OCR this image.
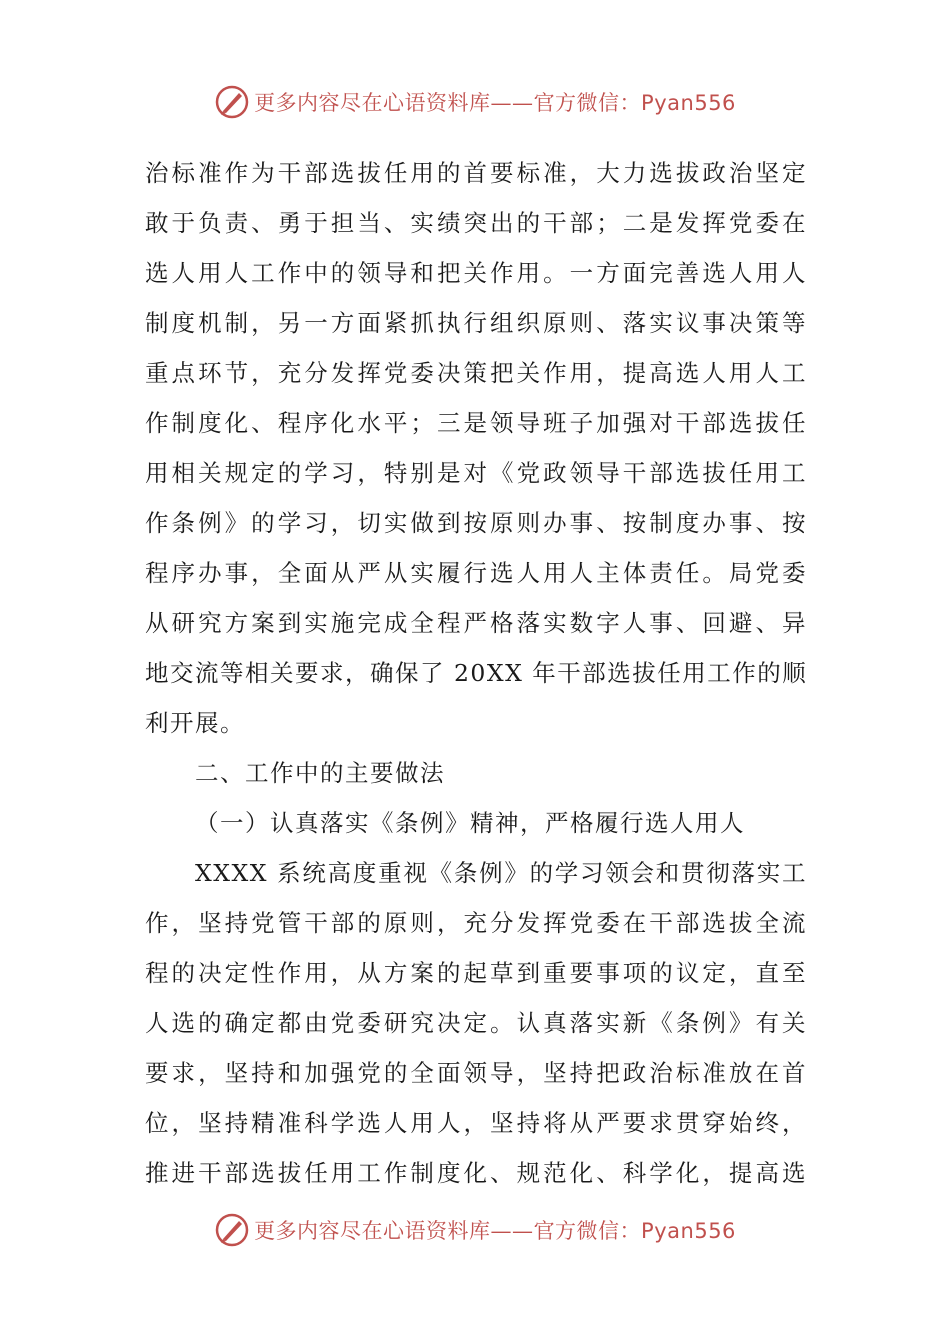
更多内容尽在心语资料库——官方微信：Pyan556
治标准作为干部选拔任用的首要标准，大力选拔政治坚定
敢于负责、勇于担当、实绩突出的干部；二是发挥党委在
选人用人工作中的领导和把关作用。一方面完善选人用人
制度机制，另一方面紧抓执行组织原则、落实议事决策等
重点环节，充分发挥党委决策把关作用，提高选人用人工
作制度化、程序化水平；三是领导班子加强对干部选拔任
用相关规定的学习，特别是对《党政领导干部选拔任用工
作条例》的学习，切实做到按原则办事、按制度办事、按
程序办事，全面从严从实履行选人用人主体责任。局党委
从研究方案到实施完成全程严格落实数字人事、回避、异
地交流等相关要求，确保了 20XX 年干部选拔任用工作的顺
利开展。
二、工作中的主要做法
（一）认真落实《条例》精神，严格履行选人用人
XXXX 系统高度重视《条例》的学习领会和贯彻落实工
作，坚持党管干部的原则，充分发挥党委在干部选拔全流
程的决定性作用，从方案的起草到重要事项的议定，直至
人选的确定都由党委研究决定。认真落实新《条例》有关
要求，坚持和加强党的全面领导，坚持把政治标准放在首
位，坚持精准科学选人用人，坚持将从严要求贯穿始终，
推进干部选拔任用工作制度化、规范化、科学化，提高选
更多内容尽在心语资料库——官方微信：Pyan556
